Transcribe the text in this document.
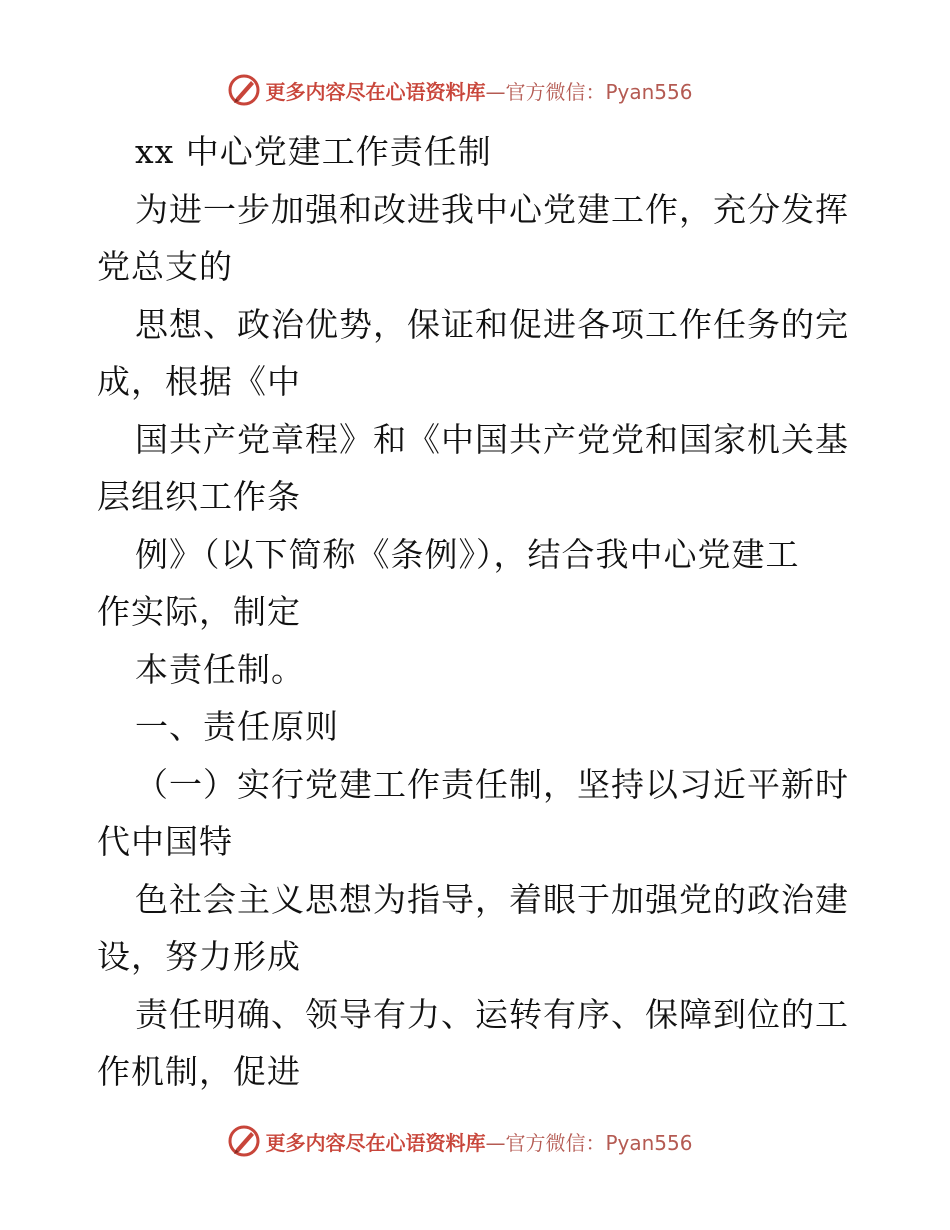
更多内容尽在心语资料库—官方微信：Pyan556
xx 中心党建工作责任制
为进一步加强和改进我中心党建工作，充分发挥
党总支的
思想、政治优势，保证和促进各项工作任务的完
成，根据《中
国共产党章程》和《中国共产党党和国家机关基
层组织工作条
例》（以下简称《条例》），结合我中心党建工
作实际，制定
本责任制。
一、责任原则
（一）实行党建工作责任制，坚持以习近平新时
代中国特
色社会主义思想为指导，着眼于加强党的政治建
设，努力形成
责任明确、领导有力、运转有序、保障到位的工
作机制，促进
更多内容尽在心语资料库—官方微信：Pyan556
